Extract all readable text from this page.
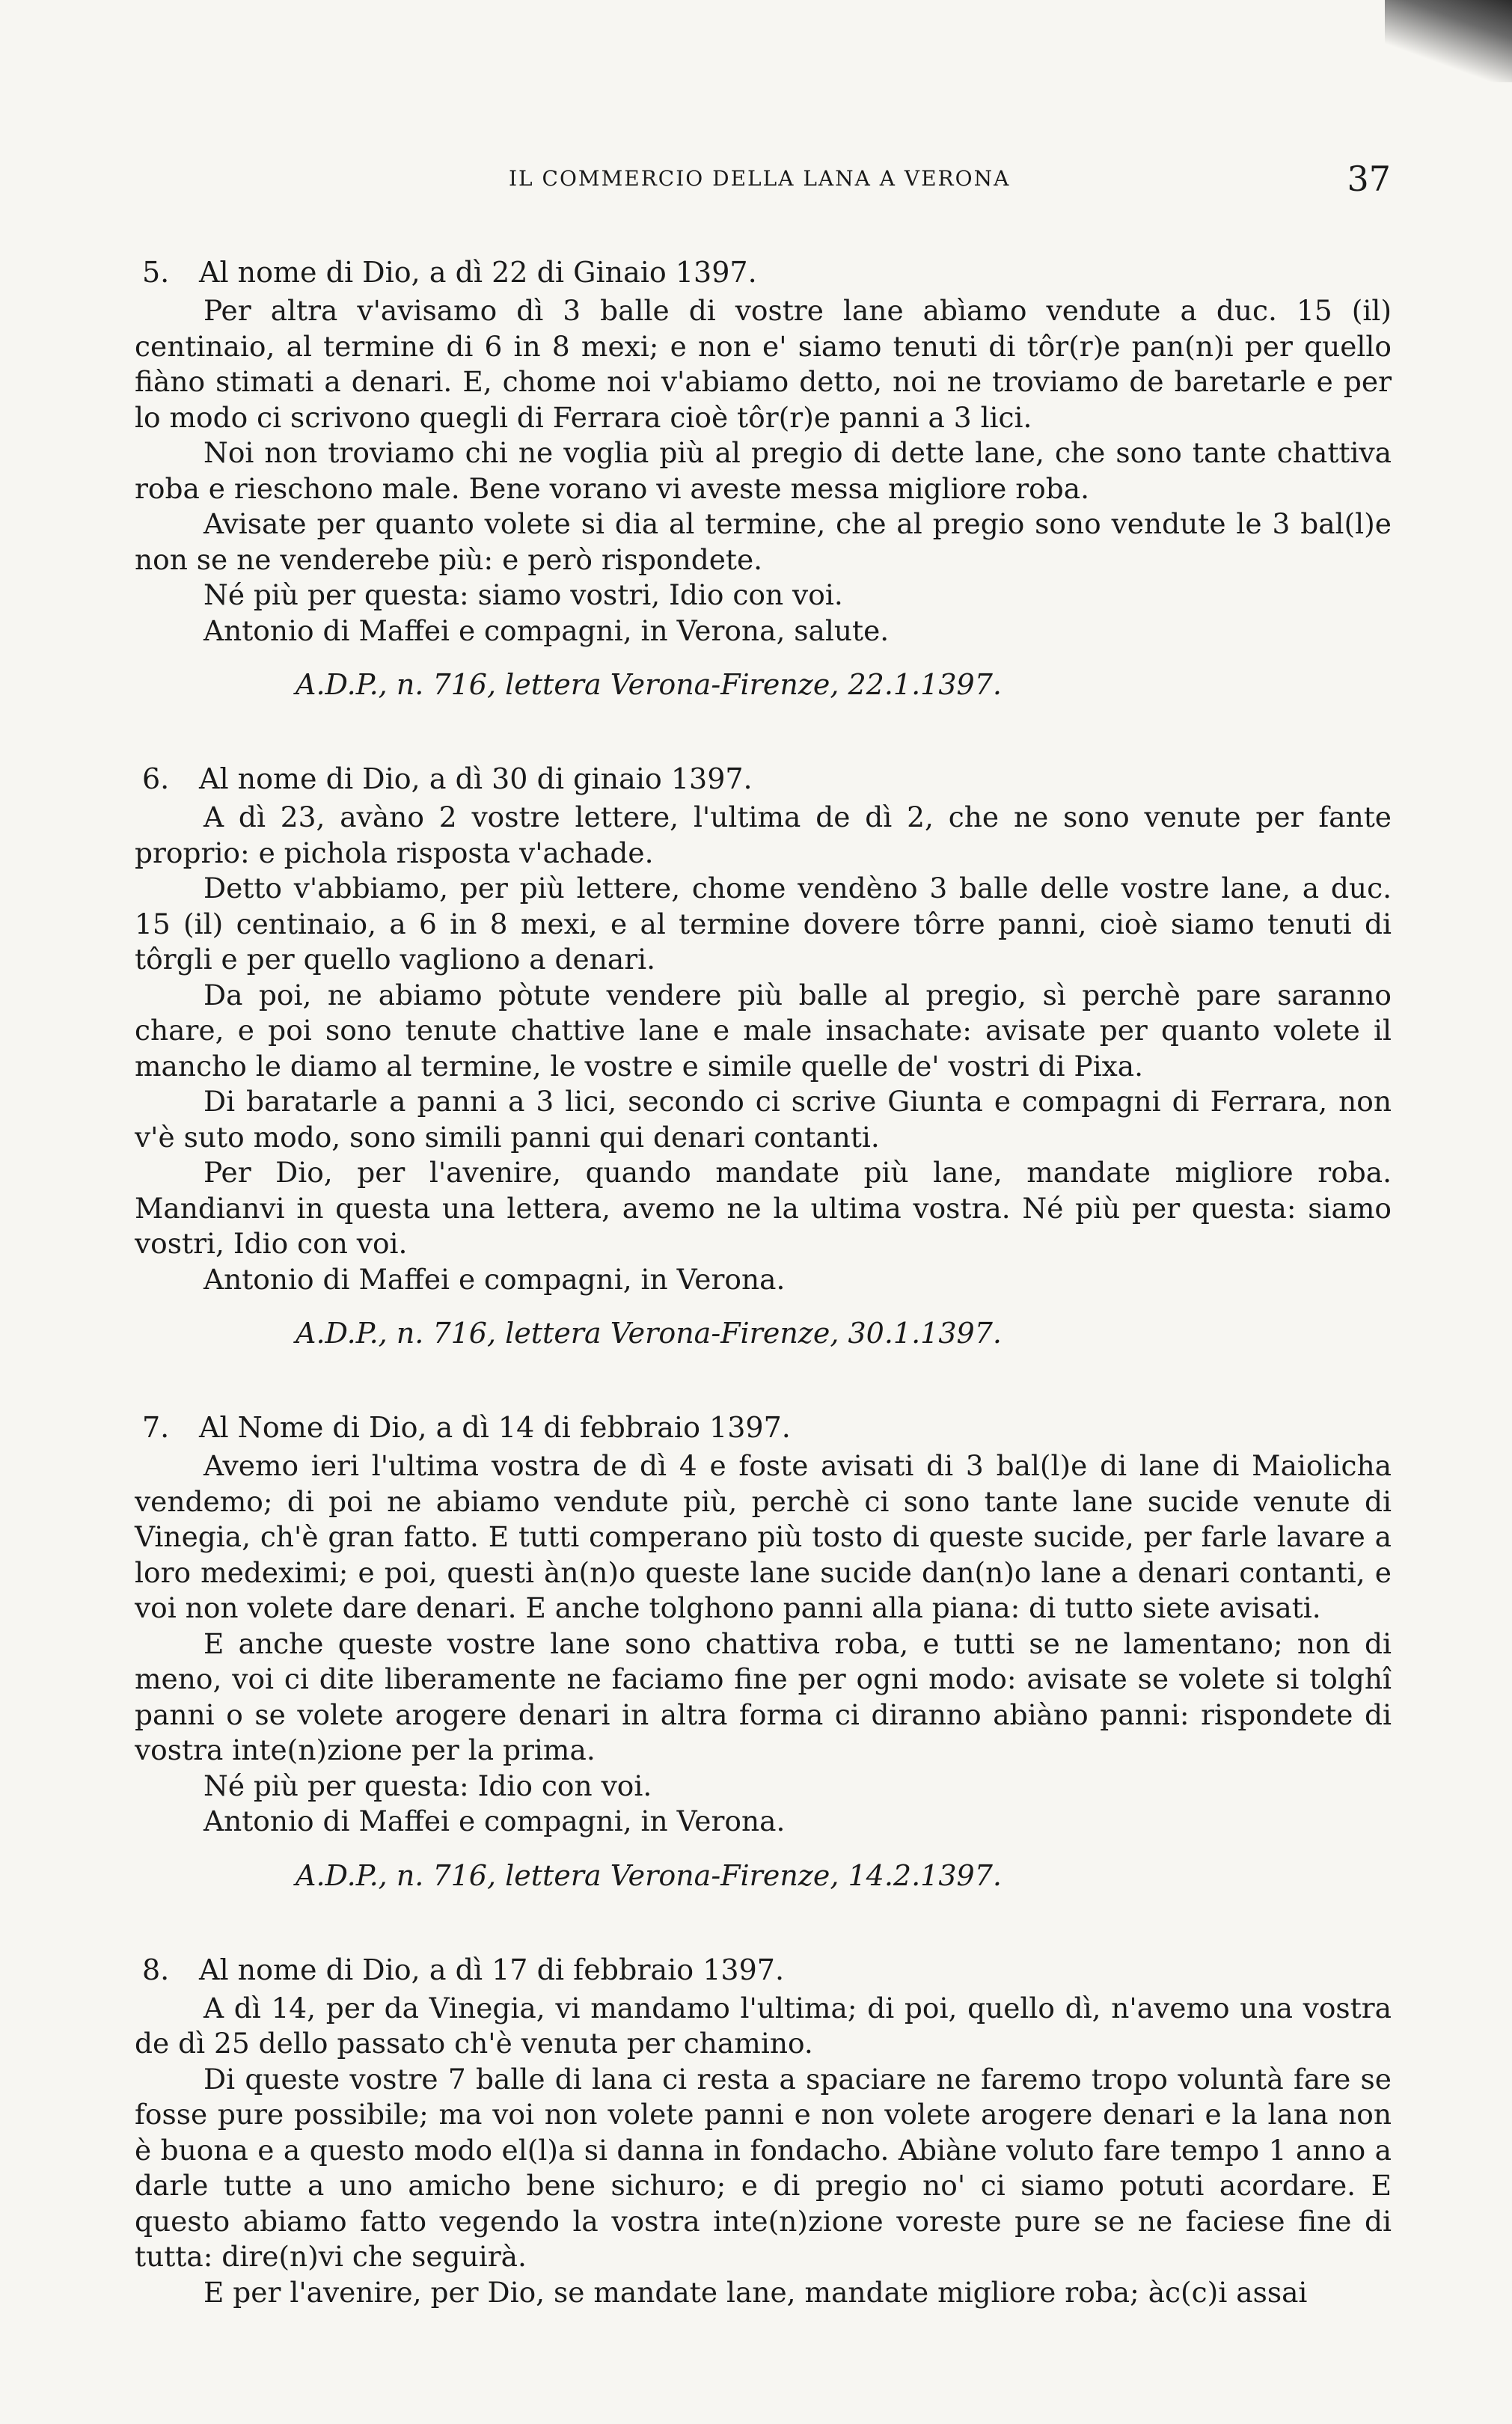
IL COMMERCIO DELLA LANA A VERONA	37
5. Al nome di Dio, a dì 22 di Ginaio 1397.

Per altra v'avisamo dì 3 balle di vostre lane abìamo vendute a duc. 15 (il) centinaio, al termine di 6 in 8 mexi; e non e' siamo tenuti di tôr(r)e pan(n)i per quello fiàno stimati a denari. E, chome noi v'abiamo detto, noi ne troviamo de baretarle e per lo modo ci scrivono quegli di Ferrara cioè tôr(r)e panni a 3 lici.

Noi non troviamo chi ne voglia più al pregio di dette lane, che sono tante chattiva roba e rieschono male. Bene vorano vi aveste messa migliore roba.

Avisate per quanto volete si dia al termine, che al pregio sono vendute le 3 bal(l)e non se ne venderebe più: e però rispondete.

Né più per questa: siamo vostri, Idio con voi.

Antonio di Maffei e compagni, in Verona, salute.

A.D.P., n. 716, lettera Verona-Firenze, 22.1.1397.

6. Al nome di Dio, a dì 30 di ginaio 1397.

A dì 23, avàno 2 vostre lettere, l'ultima de dì 2, che ne sono venute per fante proprio: e pichola risposta v'achade.

Detto v'abbiamo, per più lettere, chome vendèno 3 balle delle vostre lane, a duc. 15 (il) centinaio, a 6 in 8 mexi, e al termine dovere tôrre panni, cioè siamo tenuti di tôrgli e per quello vagliono a denari.

Da poi, ne abiamo pòtute vendere più balle al pregio, sì perchè pare saranno chare, e poi sono tenute chattive lane e male insachate: avisate per quanto volete il mancho le diamo al termine, le vostre e simile quelle de' vostri di Pixa.

Di baratarle a panni a 3 lici, secondo ci scrive Giunta e compagni di Ferrara, non v'è suto modo, sono simili panni qui denari contanti.

Per Dio, per l'avenire, quando mandate più lane, mandate migliore roba. Mandianvi in questa una lettera, avemo ne la ultima vostra. Né più per questa: siamo vostri, Idio con voi.

Antonio di Maffei e compagni, in Verona.

A.D.P., n. 716, lettera Verona-Firenze, 30.1.1397.

7. Al Nome di Dio, a dì 14 di febbraio 1397.

Avemo ieri l'ultima vostra de dì 4 e foste avisati di 3 bal(l)e di lane di Maiolicha vendemo; di poi ne abiamo vendute più, perchè ci sono tante lane sucide venute di Vinegia, ch'è gran fatto. E tutti comperano più tosto di queste sucide, per farle lavare a loro medeximi; e poi, questi àn(n)o queste lane sucide dan(n)o lane a denari contanti, e voi non volete dare denari. E anche tolghono panni alla piana: di tutto siete avisati.

E anche queste vostre lane sono chattiva roba, e tutti se ne lamentano; non di meno, voi ci dite liberamente ne faciamo fine per ogni modo: avisate se volete si tolghî panni o se volete arogere denari in altra forma ci diranno abiàno panni: rispondete di vostra inte(n)zione per la prima.

Né più per questa: Idio con voi.

Antonio di Maffei e compagni, in Verona.

A.D.P., n. 716, lettera Verona-Firenze, 14.2.1397.

8. Al nome di Dio, a dì 17 di febbraio 1397.

A dì 14, per da Vinegia, vi mandamo l'ultima; di poi, quello dì, n'avemo una vostra de dì 25 dello passato ch'è venuta per chamino.

Di queste vostre 7 balle di lana ci resta a spaciare ne faremo tropo voluntà fare se fosse pure possibile; ma voi non volete panni e non volete arogere denari e la lana non è buona e a questo modo el(l)a si danna in fondacho. Abiàne voluto fare tempo 1 anno a darle tutte a uno amicho bene sichuro; e di pregio no' ci siamo potuti acordare. E questo abiamo fatto vegendo la vostra inte(n)zione voreste pure se ne faciese fine di tutta: dire(n)vi che seguirà.

E per l'avenire, per Dio, se mandate lane, mandate migliore roba; àc(c)i assai
